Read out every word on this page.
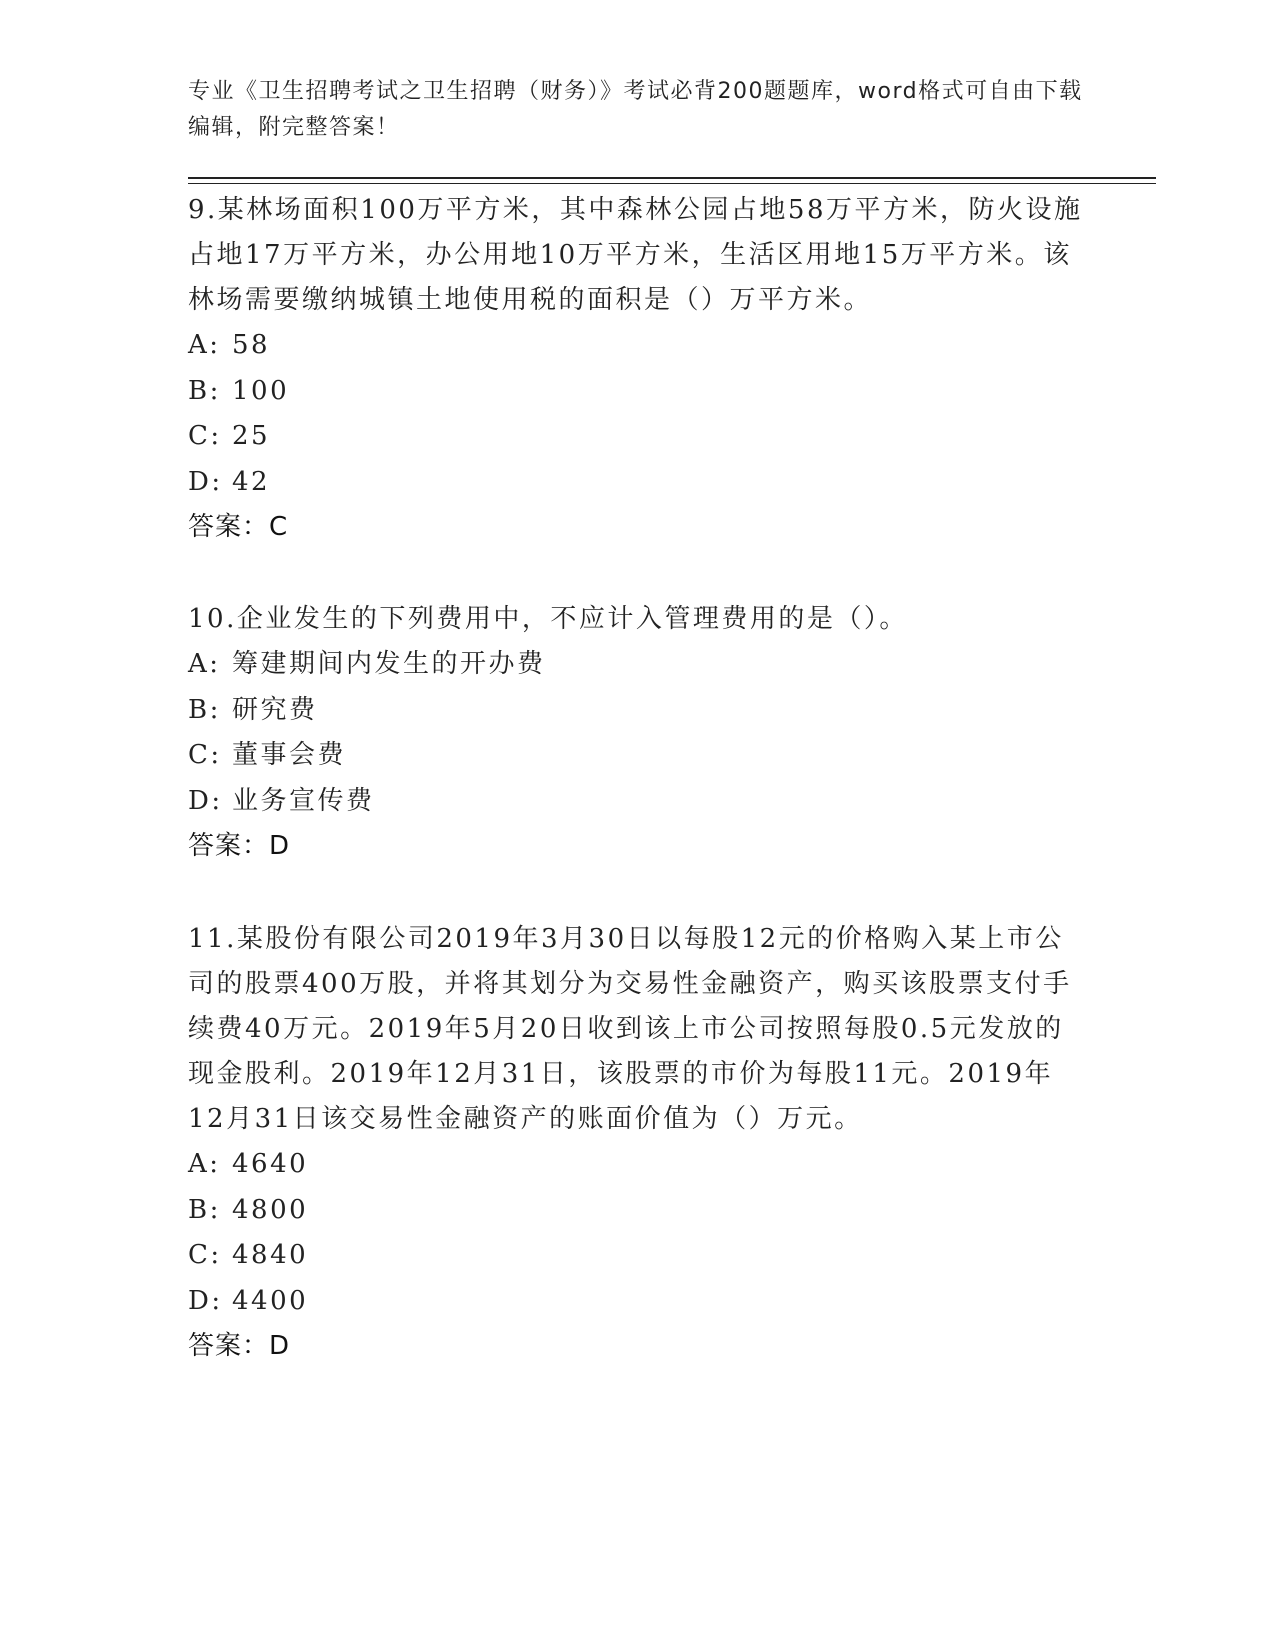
专业《卫生招聘考试之卫生招聘（财务）》考试必背200题题库，word格式可自由下载编辑，附完整答案！

9.某林场面积100万平方米，其中森林公园占地58万平方米，防火设施占地17万平方米，办公用地10万平方米，生活区用地15万平方米。该林场需要缴纳城镇土地使用税的面积是（）万平方米。

A: 58
B: 100
C: 25
D: 42
答案：C

10.企业发生的下列费用中，不应计入管理费用的是（）。

A: 筹建期间内发生的开办费
B: 研究费
C: 董事会费
D: 业务宣传费
答案：D

11.某股份有限公司2019年3月30日以每股12元的价格购入某上市公司的股票400万股，并将其划分为交易性金融资产，购买该股票支付手续费40万元。2019年5月20日收到该上市公司按照每股0.5元发放的现金股利。2019年12月31日，该股票的市价为每股11元。2019年12月31日该交易性金融资产的账面价值为（）万元。

A: 4640
B: 4800
C: 4840
D: 4400
答案：D
